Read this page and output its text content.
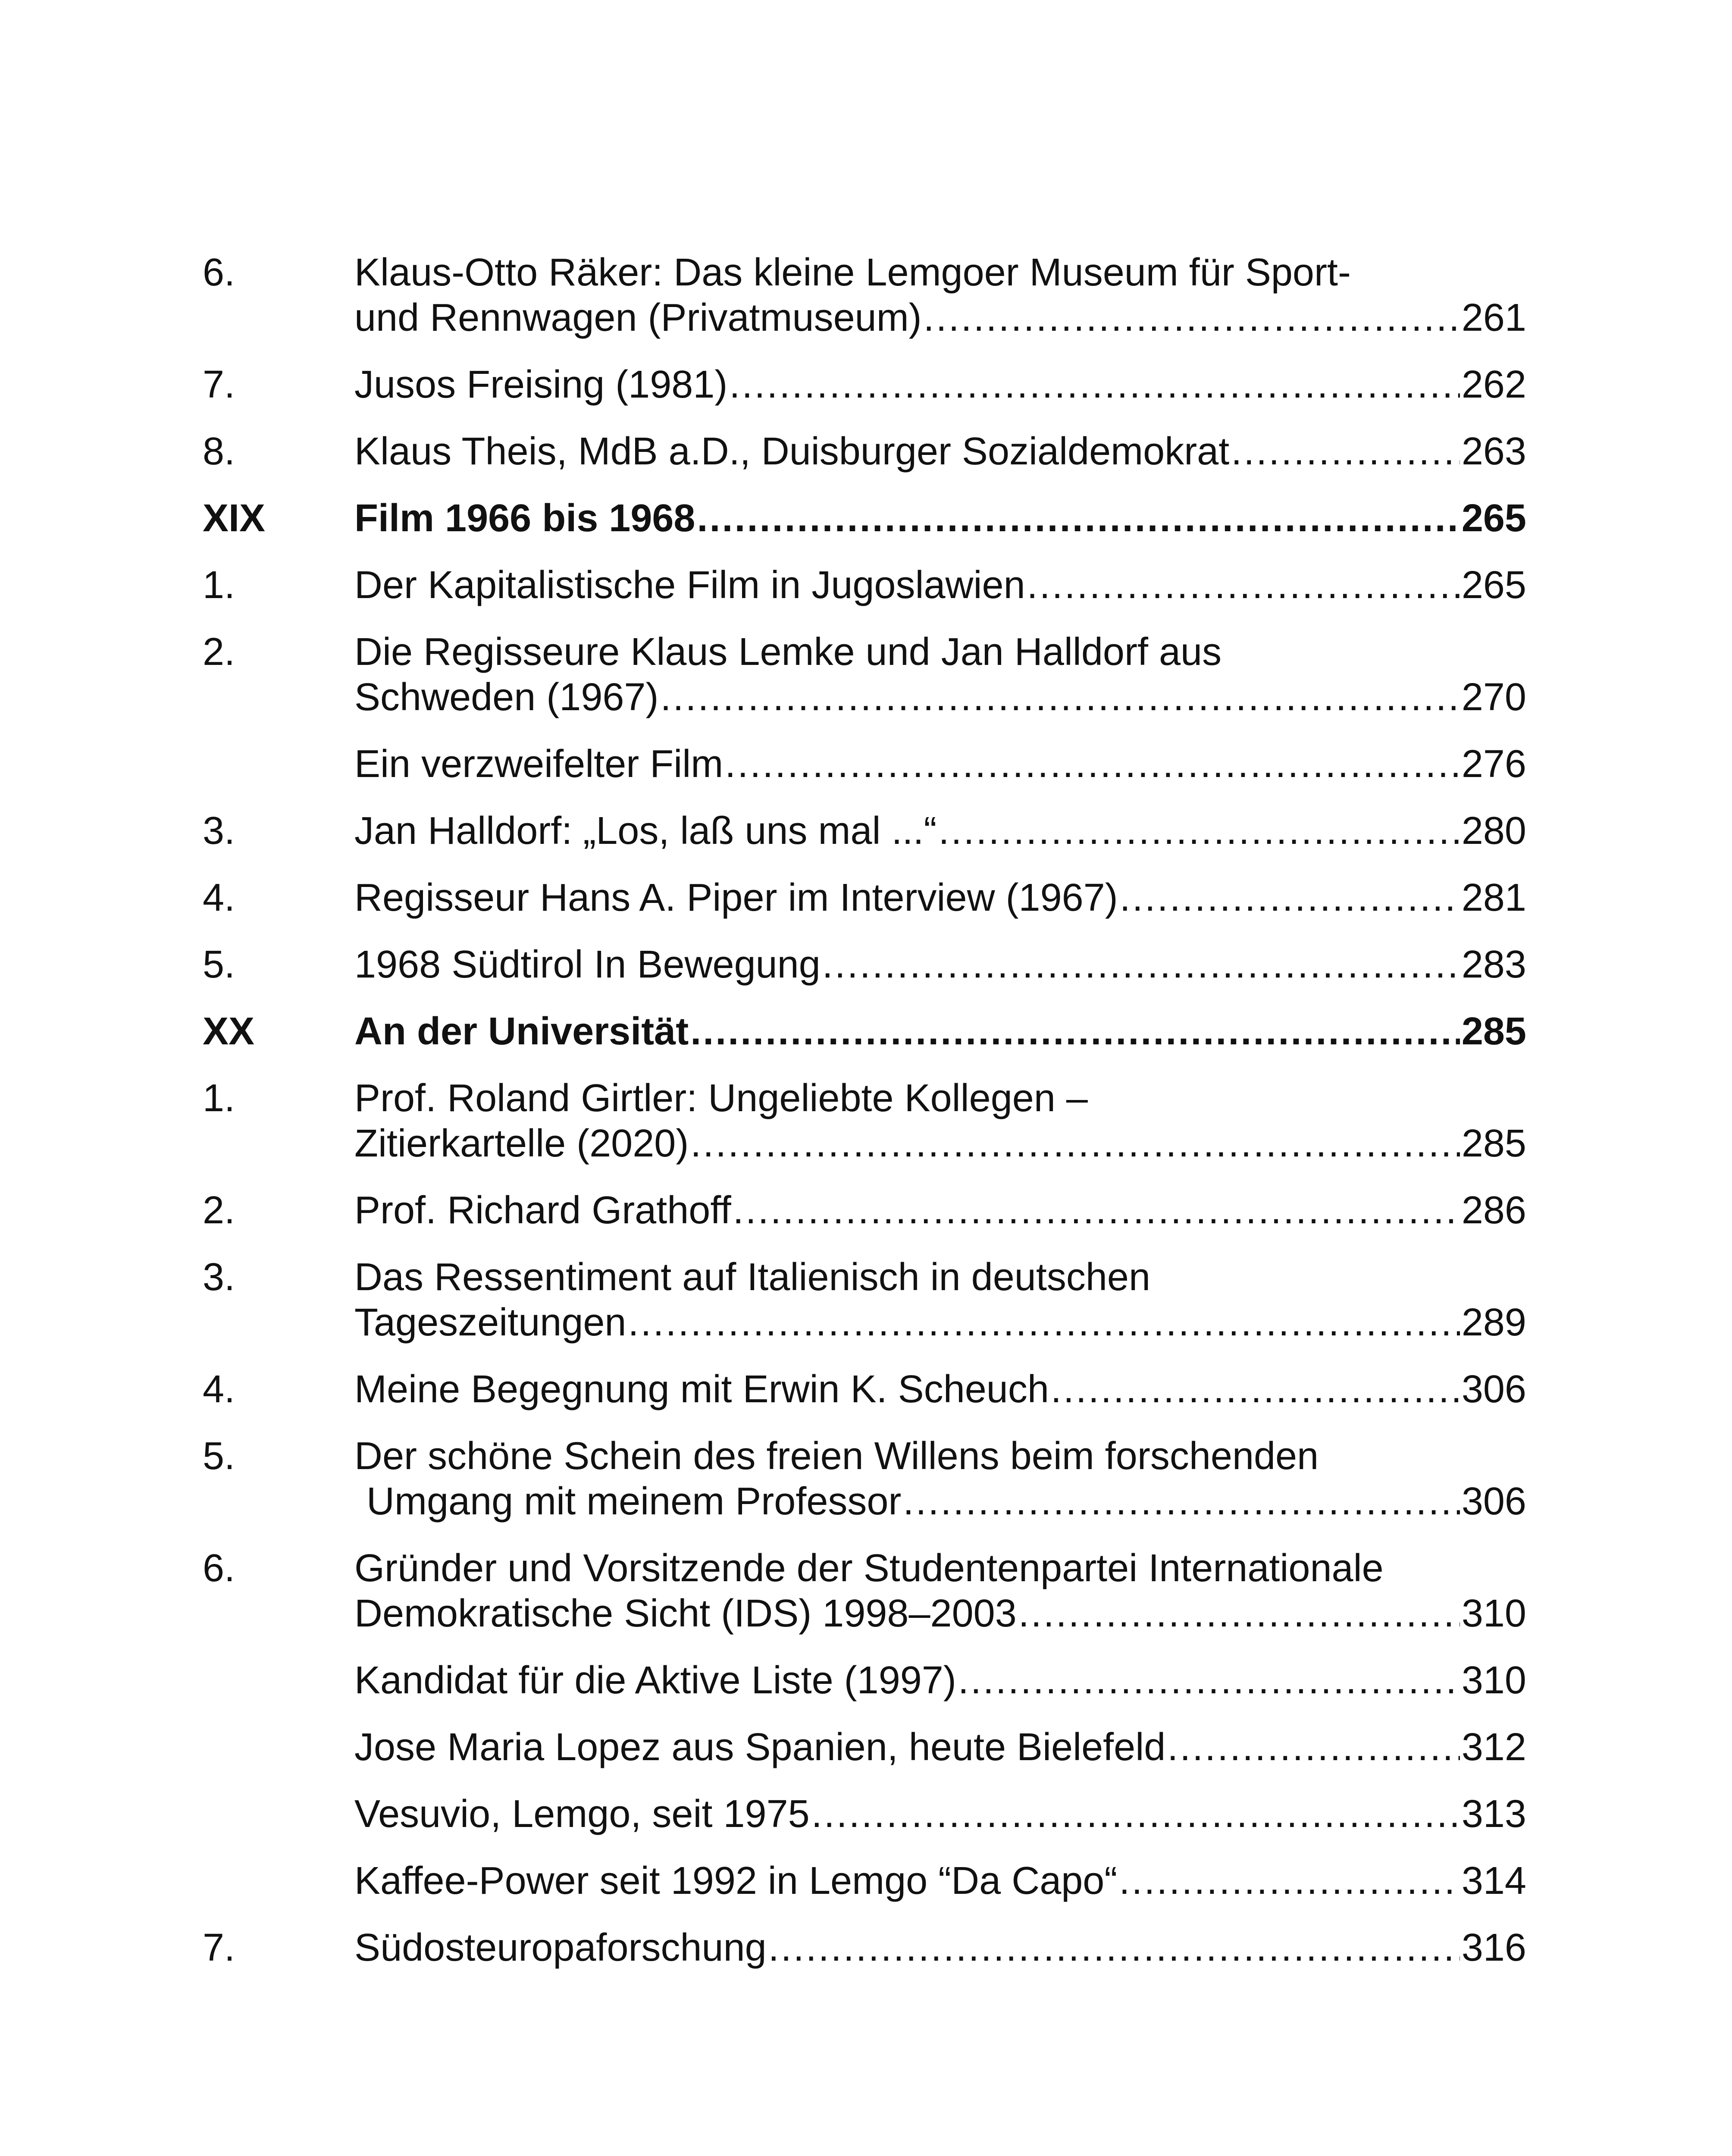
6.	Klaus-Otto Räker: Das kleine Lemgoer Museum für Sport-
und Rennwagen (Privatmuseum) .....	261
7.	Jusos Freising (1981) .....	262
8.	Klaus Theis, MdB a.D., Duisburger Sozialdemokrat .....	263
XIX Film 1966 bis 1968 .....	265
1.	Der Kapitalistische Film in Jugoslawien .....	265
2.	Die Regisseure Klaus Lemke und Jan Halldorf aus
Schweden (1967) .....	270
Ein verzweifelter Film .....	276
3.	Jan Halldorf: „Los, laß uns mal ...“ .....	280
4.	Regisseur Hans A. Piper im Interview (1967) .....	281
5.	1968 Südtirol In Bewegung .....	283
XX	An der Universität .....	285
1.	Prof. Roland Girtler: Ungeliebte Kollegen –
Zitierkartelle (2020) .....	285
2.	Prof. Richard Grathoff .....	286
3.	Das Ressentiment auf Italienisch in deutschen
Tageszeitungen .....	289
4.	Meine Begegnung mit Erwin K. Scheuch .....	306
5.	Der schöne Schein des freien Willens beim forschenden
Umgang mit meinem Professor .....	306
6.	Gründer und Vorsitzende der Studentenpartei Internationale
Demokratische Sicht (IDS) 1998–2003 .....	310
Kandidat für die Aktive Liste (1997) .....	310
Jose Maria Lopez aus Spanien, heute Bielefeld .....	312
Vesuvio, Lemgo, seit 1975 .....	313
Kaffee-Power seit 1992 in Lemgo “Da Capo“ .....	314
7.	Südosteuropaforschung .....	316
